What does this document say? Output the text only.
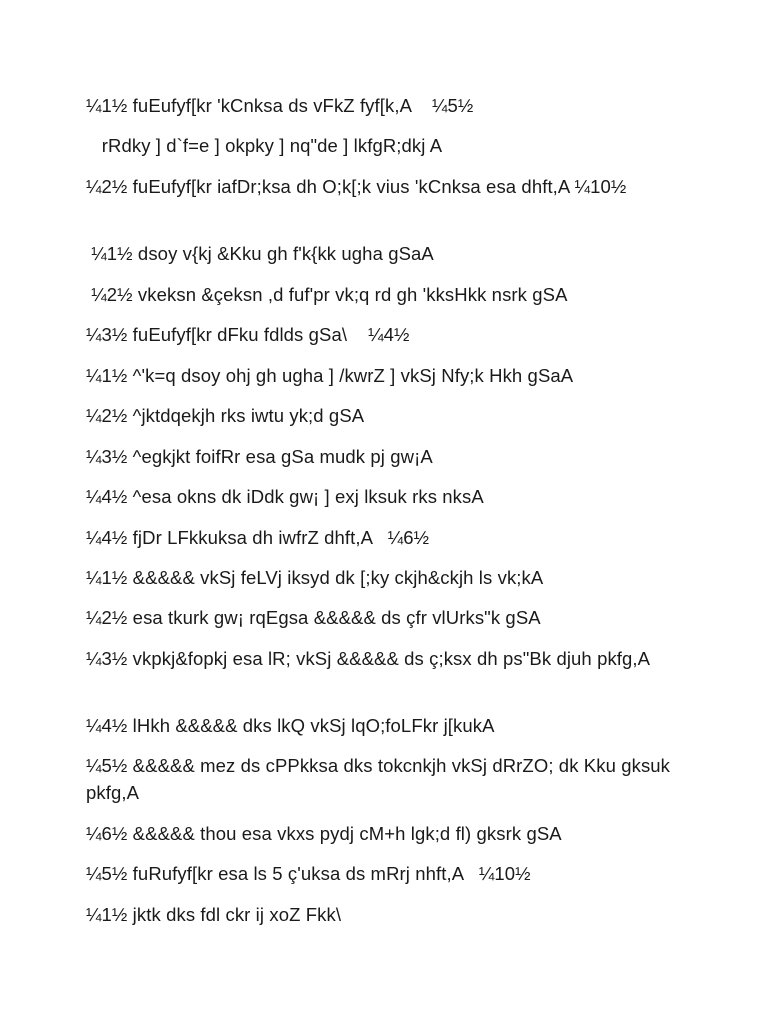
¼1½ fuEufyf[kr 'kCnksa ds vFkZ fyf[k,A    ¼5½
rRdky ] d`f=e ] okpky ] nq"de ] lkfgR;dkj A
¼2½ fuEufyf[kr iafDr;ksa dh O;k[;k vius 'kCnksa esa dhft,A ¼10½
¼1½ dsoy v{kj &Kku gh f'k{kk ugha gSaA
¼2½ vkeksn &çeksn ,d fuf'pr vk;q rd gh 'kksHkk nsrk gSA
¼3½ fuEufyf[kr dFku fdlds gSa\    ¼4½
¼1½ ^'k=q dsoy ohj gh ugha ] /kwrZ ] vkSj Nfy;k Hkh gSaA
¼2½ ^jktdqekjh rks iwtu yk;d gSA
¼3½ ^egkjkt foifRr esa gSa mudk pj gw¡A
¼4½ ^esa okns dk iDdk gw¡ ] exj lksuk rks nksA
¼4½ fjDr LFkkuksa dh iwfrZ dhft,A   ¼6½
¼1½ &&&&& vkSj feLVj iksyd dk [;ky ckjh&ckjh ls vk;kA
¼2½ esa tkurk gw¡ rqEgsa &&&&& ds çfr vlUrks"k gSA
¼3½ vkpkj&fopkj esa lR; vkSj &&&&& ds ç;ksx dh ps"Bk djuh pkfg,A
¼4½ lHkh &&&&& dks lkQ vkSj lqO;foLFkr j[kukA
¼5½ &&&&& mez ds cPPkksa dks tokcnkjh vkSj dRrZO; dk Kku gksuk pkfg,A
¼6½ &&&&& thou esa vkxs pydj cM+h lgk;d fl) gksrk gSA
¼5½ fuRufyf[kr esa ls 5 ç'uksa ds mRrj nhft,A   ¼10½
¼1½ jktk dks fdl ckr ij xoZ Fkk\
